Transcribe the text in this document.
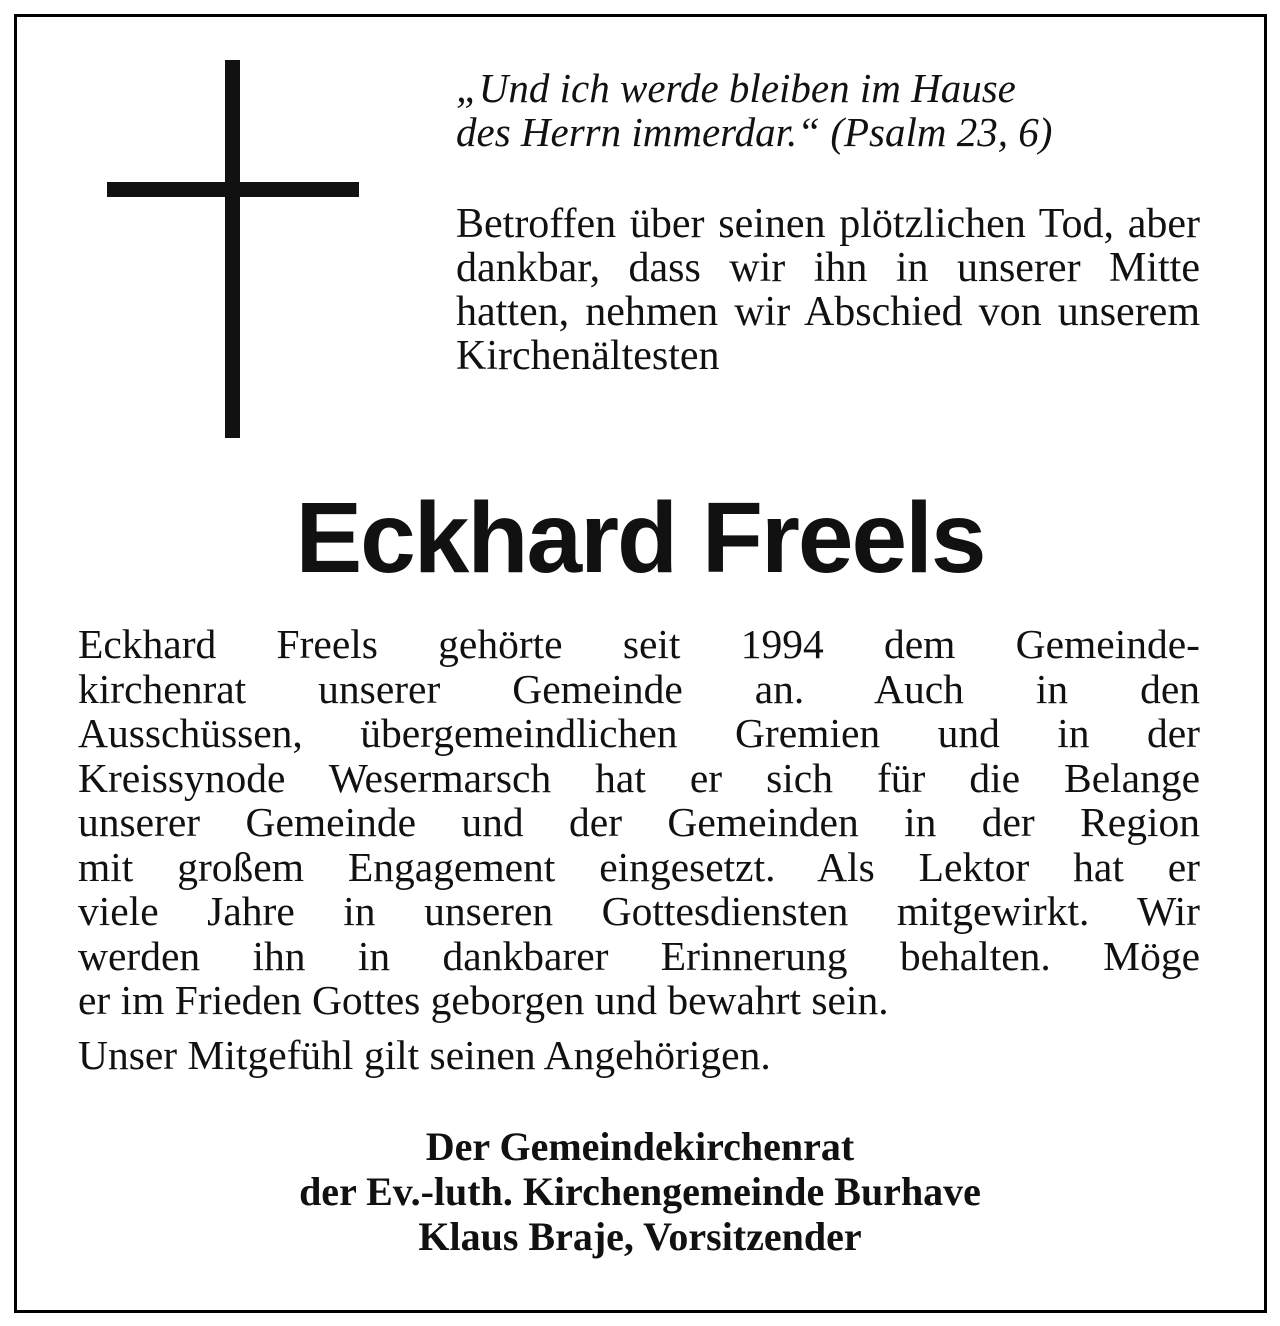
„Und ich werde bleiben im Hause
des Herrn immerdar.“ (Psalm 23, 6)
Betroffen über seinen plötzlichen Tod, aber dankbar, dass wir ihn in unserer Mitte hatten, nehmen wir Abschied von unserem Kirchenältesten
Eckhard Freels
Eckhard Freels gehörte seit 1994 dem Gemeinde-
kirchenrat unserer Gemeinde an. Auch in den
Ausschüssen, übergemeindlichen Gremien und in der
Kreissynode Wesermarsch hat er sich für die Belange
unserer Gemeinde und der Gemeinden in der Region
mit großem Engagement eingesetzt. Als Lektor hat er
viele Jahre in unseren Gottesdiensten mitgewirkt. Wir
werden ihn in dankbarer Erinnerung behalten. Möge
er im Frieden Gottes geborgen und bewahrt sein.
Unser Mitgefühl gilt seinen Angehörigen.
Der Gemeindekirchenrat
der Ev.-luth. Kirchengemeinde Burhave
Klaus Braje, Vorsitzender
